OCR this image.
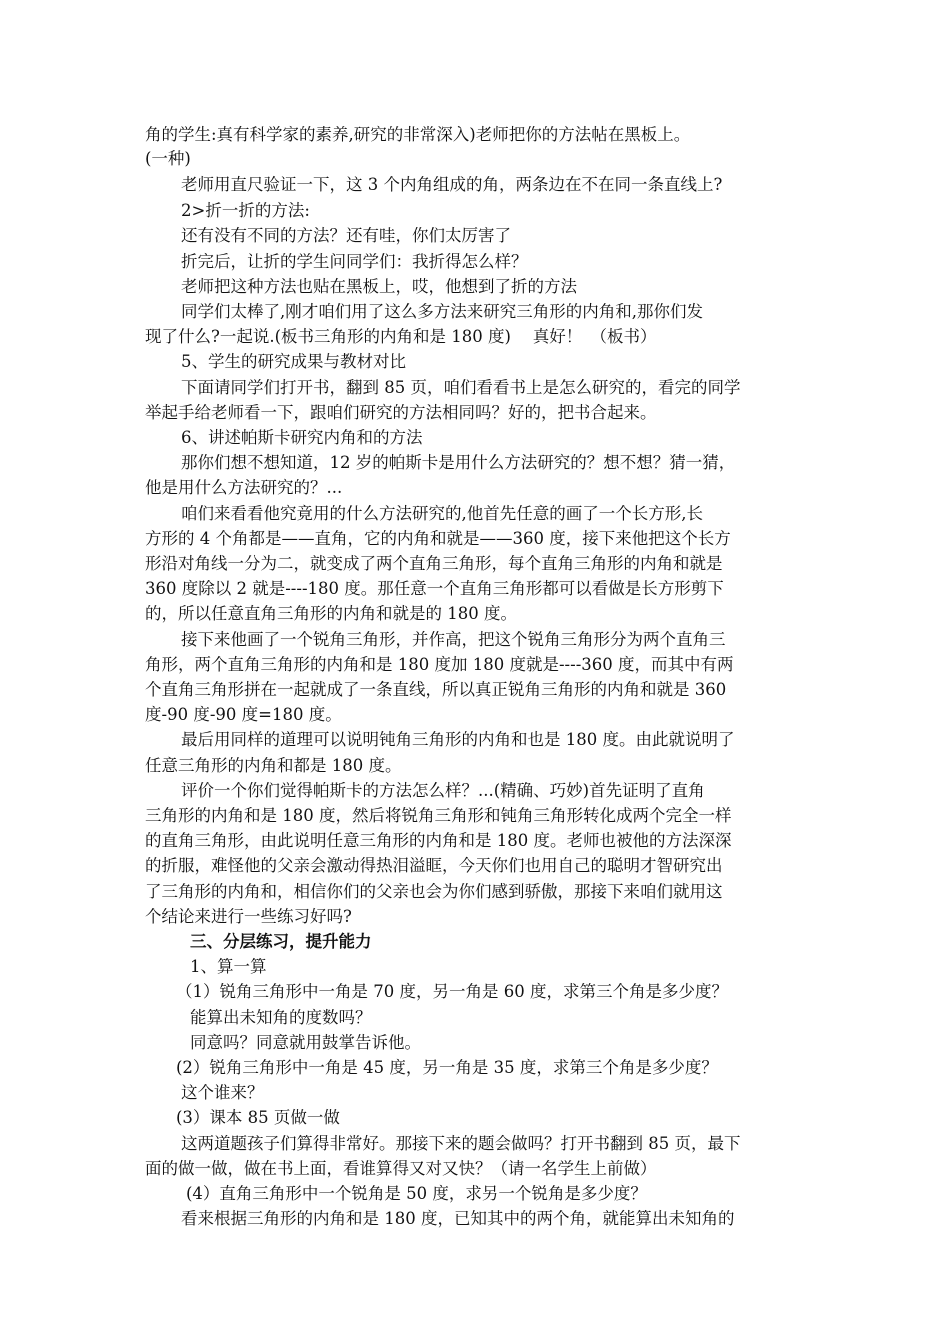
角的学生:真有科学家的素养,研究的非常深入)老师把你的方法帖在黑板上。
(一种)
老师用直尺验证一下，这 3 个内角组成的角，两条边在不在同一条直线上?
2>折一折的方法:
还有没有不同的方法？还有哇，你们太厉害了
折完后，让折的学生问同学们：我折得怎么样？
老师把这种方法也贴在黑板上，哎，他想到了折的方法
同学们太棒了,刚才咱们用了这么多方法来研究三角形的内角和,那你们发
现了什么?一起说.(板书三角形的内角和是 180 度)　 真好！　（板书）
5、学生的研究成果与教材对比
下面请同学们打开书，翻到 85 页，咱们看看书上是怎么研究的，看完的同学
举起手给老师看一下，跟咱们研究的方法相同吗？好的，把书合起来。
6、讲述帕斯卡研究内角和的方法
那你们想不想知道，12 岁的帕斯卡是用什么方法研究的？想不想？猜一猜，
他是用什么方法研究的？...
咱们来看看他究竟用的什么方法研究的,他首先任意的画了一个长方形,长
方形的 4 个角都是——直角，它的内角和就是——360 度，接下来他把这个长方
形沿对角线一分为二，就变成了两个直角三角形，每个直角三角形的内角和就是
360 度除以 2 就是----180 度。那任意一个直角三角形都可以看做是长方形剪下
的，所以任意直角三角形的内角和就是的 180 度。
接下来他画了一个锐角三角形，并作高，把这个锐角三角形分为两个直角三
角形，两个直角三角形的内角和是 180 度加 180 度就是----360 度，而其中有两
个直角三角形拼在一起就成了一条直线，所以真正锐角三角形的内角和就是 360
度-90 度-90 度=180 度。
最后用同样的道理可以说明钝角三角形的内角和也是 180 度。由此就说明了
任意三角形的内角和都是 180 度。
评价一个你们觉得帕斯卡的方法怎么样？...(精确、巧妙)首先证明了直角
三角形的内角和是 180 度，然后将锐角三角形和钝角三角形转化成两个完全一样
的直角三角形，由此说明任意三角形的内角和是 180 度。老师也被他的方法深深
的折服，难怪他的父亲会激动得热泪溢眶，今天你们也用自己的聪明才智研究出
了三角形的内角和，相信你们的父亲也会为你们感到骄傲，那接下来咱们就用这
个结论来进行一些练习好吗?
三、分层练习，提升能力
1、算一算
（1）锐角三角形中一角是 70 度，另一角是 60 度，求第三个角是多少度？
能算出未知角的度数吗？
同意吗？同意就用鼓掌告诉他。
(2）锐角三角形中一角是 45 度，另一角是 35 度，求第三个角是多少度？
这个谁来？
(3）课本 85 页做一做
这两道题孩子们算得非常好。那接下来的题会做吗？打开书翻到 85 页，最下
面的做一做，做在书上面，看谁算得又对又快？（请一名学生上前做）
(4）直角三角形中一个锐角是 50 度，求另一个锐角是多少度？
看来根据三角形的内角和是 180 度，已知其中的两个角，就能算出未知角的
